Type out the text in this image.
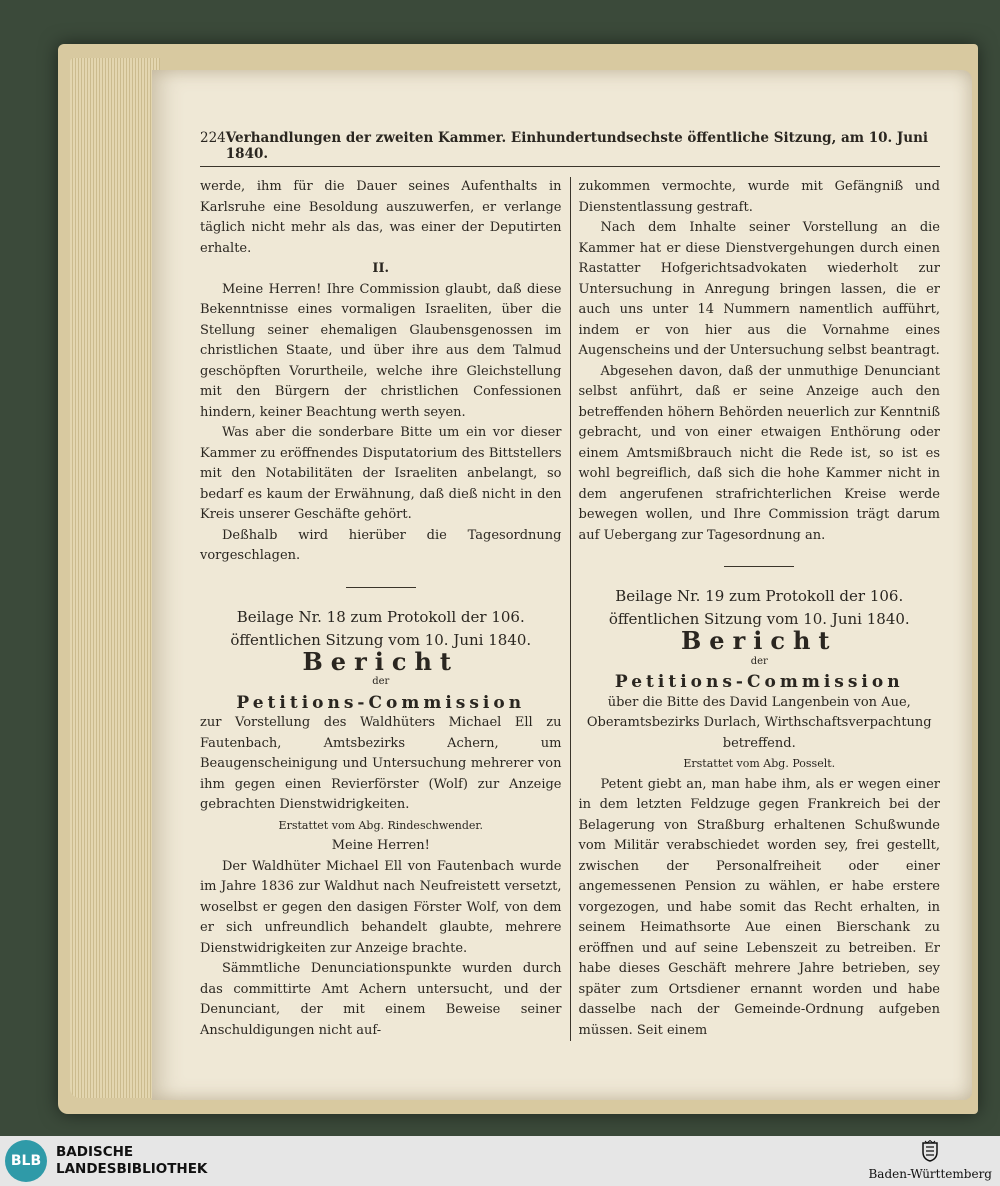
224 Verhandlungen der zweiten Kammer. Einhundertundsechste öffentliche Sitzung, am 10. Juni 1840.

werde, ihm für die Dauer seines Aufenthalts in Karlsruhe eine Besoldung auszuwerfen, er verlange täglich nicht mehr als das, was einer der Deputirten erhalte.

II.

Meine Herren! Ihre Commission glaubt, daß diese Bekenntnisse eines vormaligen Israeliten, über die Stellung seiner ehemaligen Glaubensgenossen im christlichen Staate, und über ihre aus dem Talmud geschöpften Vorurtheile, welche ihre Gleichstellung mit den Bürgern der christlichen Confessionen hindern, keiner Beachtung werth seyen.

Was aber die sonderbare Bitte um ein vor dieser Kammer zu eröffnendes Disputatorium des Bittstellers mit den Notabilitäten der Israeliten anbelangt, so bedarf es kaum der Erwähnung, daß dieß nicht in den Kreis unserer Geschäfte gehört.

Deßhalb wird hierüber die Tagesordnung vorgeschlagen.

Beilage Nr. 18 zum Protokoll der 106. öffentlichen Sitzung vom 10. Juni 1840.

Bericht

der

Petitions-Commission

zur Vorstellung des Waldhüters Michael Ell zu Fautenbach, Amtsbezirks Achern, um Beaugenscheinigung und Untersuchung mehrerer von ihm gegen einen Revierförster (Wolf) zur Anzeige gebrachten Dienstwidrigkeiten.

Erstattet vom Abg. Rindeschwender.

Meine Herren!

Der Waldhüter Michael Ell von Fautenbach wurde im Jahre 1836 zur Waldhut nach Neufreistett versetzt, woselbst er gegen den dasigen Förster Wolf, von dem er sich unfreundlich behandelt glaubte, mehrere Dienstwidrigkeiten zur Anzeige brachte.

Sämmtliche Denunciationspunkte wurden durch das committirte Amt Achern untersucht, und der Denunciant, der mit einem Beweise seiner Anschuldigungen nicht auf-

zukommen vermochte, wurde mit Gefängniß und Dienstentlassung gestraft.

Nach dem Inhalte seiner Vorstellung an die Kammer hat er diese Dienstvergehungen durch einen Rastatter Hofgerichtsadvokaten wiederholt zur Untersuchung in Anregung bringen lassen, die er auch uns unter 14 Nummern namentlich aufführt, indem er von hier aus die Vornahme eines Augenscheins und der Untersuchung selbst beantragt.

Abgesehen davon, daß der unmuthige Denunciant selbst anführt, daß er seine Anzeige auch den betreffenden höhern Behörden neuerlich zur Kenntniß gebracht, und von einer etwaigen Enthörung oder einem Amtsmißbrauch nicht die Rede ist, so ist es wohl begreiflich, daß sich die hohe Kammer nicht in dem angerufenen strafrichterlichen Kreise werde bewegen wollen, und Ihre Commission trägt darum auf Uebergang zur Tagesordnung an.

Beilage Nr. 19 zum Protokoll der 106. öffentlichen Sitzung vom 10. Juni 1840.

Bericht

der

Petitions-Commission

über die Bitte des David Langenbein von Aue, Oberamtsbezirks Durlach, Wirthschaftsverpachtung betreffend.

Erstattet vom Abg. Posselt.

Petent giebt an, man habe ihm, als er wegen einer in dem letzten Feldzuge gegen Frankreich bei der Belagerung von Straßburg erhaltenen Schußwunde vom Militär verabschiedet worden sey, frei gestellt, zwischen der Personalfreiheit oder einer angemessenen Pension zu wählen, er habe erstere vorgezogen, und habe somit das Recht erhalten, in seinem Heimathsorte Aue einen Bierschank zu eröffnen und auf seine Lebenszeit zu betreiben. Er habe dieses Geschäft mehrere Jahre betrieben, sey später zum Ortsdiener ernannt worden und habe dasselbe nach der Gemeinde-Ordnung aufgeben müssen. Seit einem

BLB
BADISCHE
LANDESBIBLIOTHEK	Baden-Württemberg
